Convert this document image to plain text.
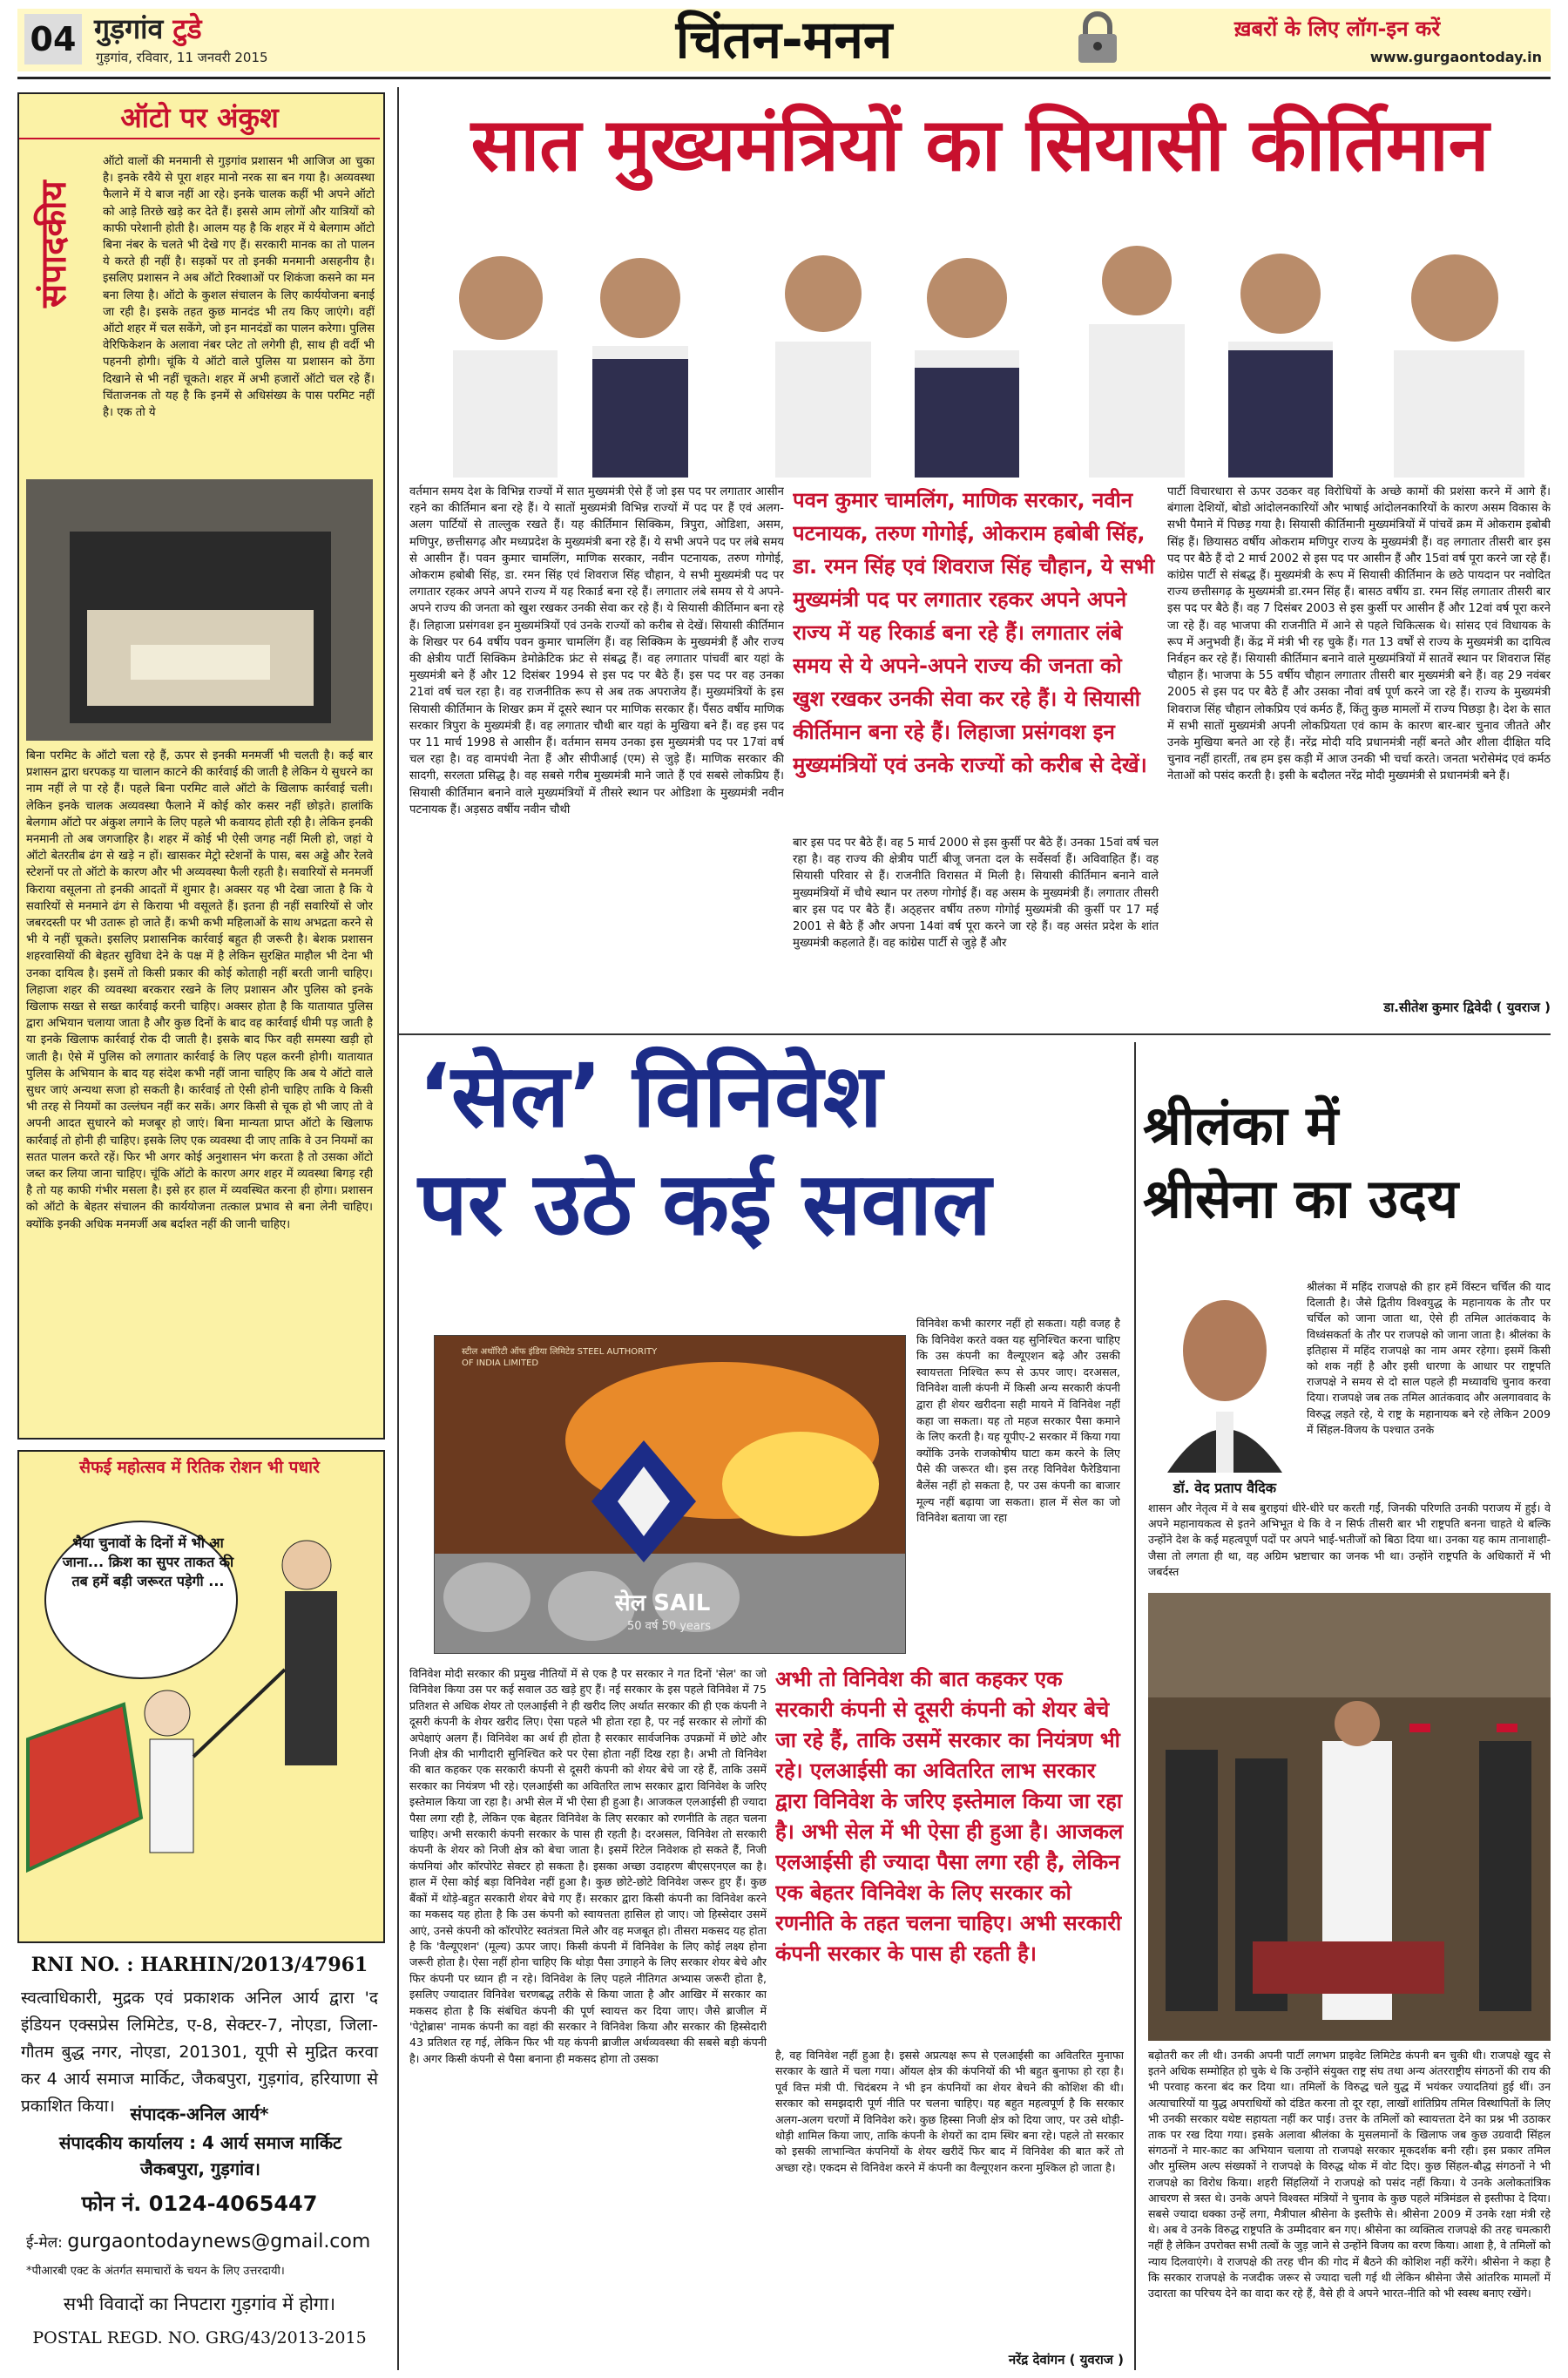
04 गुड़गांव टुडे
गुड़गांव, रविवार, 11 जनवरी 2015	चिंतन-मनन	ख़बरों के लिए लॉग-इन करें
www.gurgaontoday.in
ऑटो पर अंकुश
संपादकीय
ऑटो वालों की मनमानी से गुड़गांव प्रशासन भी आजिज आ चुका है। इनके रवैये से पूरा शहर मानो नरक सा बन गया है। अव्यवस्था फैलाने में ये बाज नहीं आ रहे। इनके चालक कहीं भी अपने ऑटो को आड़े तिरछे खड़े कर देते हैं। इससे आम लोगों और यात्रियों को काफी परेशानी होती है। आलम यह है कि शहर में ये बेलगाम ऑटो बिना नंबर के चलते भी देखे गए हैं। सरकारी मानक का तो पालन ये करते ही नहीं है। सड़कों पर तो इनकी मनमानी असहनीय है। इसलिए प्रशासन ने अब ऑटो रिक्शाओं पर शिकंजा कसने का मन बना लिया है। ऑटो के कुशल संचालन के लिए कार्ययोजना बनाई जा रही है। इसके तहत कुछ मानदंड भी तय किए जाएंगे। वहीं ऑटो शहर में चल सकेंगे, जो इन मानदंडों का पालन करेगा। पुलिस वेरिफिकेशन के अलावा नंबर प्लेट तो लगेगी ही, साथ ही वर्दी भी पहननी होगी। चूंकि ये ऑटो वाले पुलिस या प्रशासन को ठेंगा दिखाने से भी नहीं चूकते। शहर में अभी हजारों ऑटो चल रहे हैं। चिंताजनक तो यह है कि इनमें से अधिसंख्य के पास परमिट नहीं है। एक तो ये
बिना परमिट के ऑटो चला रहे हैं, ऊपर से इनकी मनमर्जी भी चलती है। कई बार प्रशासन द्वारा धरपकड़ या चालान काटने की कार्रवाई की जाती है लेकिन ये सुधरने का नाम नहीं ले पा रहे हैं। पहले बिना परमिट वाले ऑटो के खिलाफ कार्रवाई चली। लेकिन इनके चालक अव्यवस्था फैलाने में कोई कोर कसर नहीं छोड़ते। हालांकि बेलगाम ऑटो पर अंकुश लगाने के लिए पहले भी कवायद होती रही है। लेकिन इनकी मनमानी तो अब जगजाहिर है। शहर में कोई भी ऐसी जगह नहीं मिली हो, जहां ये ऑटो बेतरतीब ढंग से खड़े न हों। खासकर मेट्रो स्टेशनों के पास, बस अड्डे और रेलवे स्टेशनों पर तो ऑटो के कारण और भी अव्यवस्था फैली रहती है। सवारियों से मनमर्जी किराया वसूलना तो इनकी आदतों में शुमार है। अक्सर यह भी देखा जाता है कि ये सवारियों से मनमाने ढंग से किराया भी वसूलते हैं। इतना ही नहीं सवारियों से जोर जबरदस्ती पर भी उतारू हो जाते हैं। कभी कभी महिलाओं के साथ अभद्रता करने से भी ये नहीं चूकते। इसलिए प्रशासनिक कार्रवाई बहुत ही जरूरी है। बेशक प्रशासन शहरवासियों की बेहतर सुविधा देने के पक्ष में है लेकिन सुरक्षित माहौल भी देना भी उनका दायित्व है। इसमें तो किसी प्रकार की कोई कोताही नहीं बरती जानी चाहिए। लिहाजा शहर की व्यवस्था बरकरार रखने के लिए प्रशासन और पुलिस को इनके खिलाफ सख्त से सख्त कार्रवाई करनी चाहिए। अक्सर होता है कि यातायात पुलिस द्वारा अभियान चलाया जाता है और कुछ दिनों के बाद वह कार्रवाई धीमी पड़ जाती है या इनके खिलाफ कार्रवाई रोक दी जाती है। इसके बाद फिर वही समस्या खड़ी हो जाती है। ऐसे में पुलिस को लगातार कार्रवाई के लिए पहल करनी होगी। यातायात पुलिस के अभियान के बाद यह संदेश कभी नहीं जाना चाहिए कि अब ये ऑटो वाले सुधर जाएं अन्यथा सजा हो सकती है। कार्रवाई तो ऐसी होनी चाहिए ताकि ये किसी भी तरह से नियमों का उल्लंघन नहीं कर सकें। अगर किसी से चूक हो भी जाए तो वे अपनी आदत सुधारने को मजबूर हो जाएं। बिना मान्यता प्राप्त ऑटो के खिलाफ कार्रवाई तो होनी ही चाहिए। इसके लिए एक व्यवस्था दी जाए ताकि वे उन नियमों का सतत पालन करते रहें। फिर भी अगर कोई अनुशासन भंग करता है तो उसका ऑटो जब्त कर लिया जाना चाहिए। चूंकि ऑटो के कारण अगर शहर में व्यवस्था बिगड़ रही है तो यह काफी गंभीर मसला है। इसे हर हाल में व्यवस्थित करना ही होगा। प्रशासन को ऑटो के बेहतर संचालन की कार्ययोजना तत्काल प्रभाव से बना लेनी चाहिए। क्योंकि इनकी अधिक मनमर्जी अब बर्दाश्त नहीं की जानी चाहिए।
सैफई महोत्सव में रितिक रोशन भी पधारे
भैया चुनावों के दिनों में भी आ जाना... क्रिश का सुपर ताकत की तब हमें बड़ी जरूरत पड़ेगी ...
RNI NO. : HARHIN/2013/47961
स्वत्वाधिकारी, मुद्रक एवं प्रकाशक अनिल आर्य द्वारा 'द इंडियन एक्सप्रेस लिमिटेड, ए-8, सेक्टर-7, नोएडा, जिला-गौतम बुद्ध नगर, नोएडा, 201301, यूपी से मुद्रित करवा कर 4 आर्य समाज मार्किट, जैकबपुरा, गुड़गांव, हरियाणा से प्रकाशित किया। संपादक-अनिल आर्य*
संपादकीय कार्यालय : 4 आर्य समाज मार्किट जैकबपुरा, गुड़गांव।
फोन नं. 0124-4065447
ई-मेल: gurgaontodaynews@gmail.com
*पीआरबी एक्ट के अंतर्गत समाचारों के चयन के लिए उत्तरदायी।
सभी विवादों का निपटारा गुड़गांव में होगा।
POSTAL REGD. NO. GRG/43/2013-2015
सात मुख्यमंत्रियों का सियासी कीर्तिमान
वर्तमान समय देश के विभिन्न राज्यों में सात मुख्यमंत्री ऐसे हैं जो इस पद पर लगातार आसीन रहने का कीर्तिमान बना रहे हैं। ये सातों मुख्यमंत्री विभिन्न राज्यों में पद पर हैं एवं अलग-अलग पार्टियों से ताल्लुक रखते हैं। यह कीर्तिमान सिक्किम, त्रिपुरा, ओडिशा, असम, मणिपुर, छत्तीसगढ़ और मध्यप्रदेश के मुख्यमंत्री बना रहे हैं। ये सभी अपने पद पर लंबे समय से आसीन हैं। पवन कुमार चामलिंग, माणिक सरकार, नवीन पटनायक, तरुण गोगोई, ओकराम हबोबी सिंह, डा. रमन सिंह एवं शिवराज सिंह चौहान, ये सभी मुख्यमंत्री पद पर लगातार रहकर अपने अपने राज्य में यह रिकार्ड बना रहे हैं। लगातार लंबे समय से ये अपने-अपने राज्य की जनता को खुश रखकर उनकी सेवा कर रहे हैं। ये सियासी कीर्तिमान बना रहे हैं। लिहाजा प्रसंगवश इन मुख्यमंत्रियों एवं उनके राज्यों को करीब से देखें। सियासी कीर्तिमान के शिखर पर 64 वर्षीय पवन कुमार चामलिंग हैं। वह सिक्किम के मुख्यमंत्री हैं और राज्य की क्षेत्रीय पार्टी सिक्किम डेमोक्रेटिक फ्रंट से संबद्ध हैं। वह लगातार पांचवीं बार यहां के मुख्यमंत्री बने हैं और 12 दिसंबर 1994 से इस पद पर बैठे हैं। इस पद पर वह उनका 21वां वर्ष चल रहा है। वह राजनीतिक रूप से अब तक अपराजेय हैं। मुख्यमंत्रियों के इस सियासी कीर्तिमान के शिखर क्रम में दूसरे स्थान पर माणिक सरकार हैं। पैंसठ वर्षीय माणिक सरकार त्रिपुरा के मुख्यमंत्री हैं। वह लगातार चौथी बार यहां के मुखिया बने हैं। वह इस पद पर 11 मार्च 1998 से आसीन हैं। वर्तमान समय उनका इस मुख्यमंत्री पद पर 17वां वर्ष चल रहा है। वह वामपंथी नेता हैं और सीपीआई (एम) से जुड़े हैं। माणिक सरकार की सादगी, सरलता प्रसिद्ध है। वह सबसे गरीब मुख्यमंत्री माने जाते हैं एवं सबसे लोकप्रिय हैं। सियासी कीर्तिमान बनाने वाले मुख्यमंत्रियों में तीसरे स्थान पर ओडिशा के मुख्यमंत्री नवीन पटनायक हैं। अड़सठ वर्षीय नवीन चौथी
पवन कुमार चामलिंग, माणिक सरकार, नवीन पटनायक, तरुण गोगोई, ओकराम हबोबी सिंह, डा. रमन सिंह एवं शिवराज सिंह चौहान, ये सभी मुख्यमंत्री पद पर लगातार रहकर अपने अपने राज्य में यह रिकार्ड बना रहे हैं। लगातार लंबे समय से ये अपने-अपने राज्य की जनता को खुश रखकर उनकी सेवा कर रहे हैं। ये सियासी कीर्तिमान बना रहे हैं। लिहाजा प्रसंगवश इन मुख्यमंत्रियों एवं उनके राज्यों को करीब से देखें।
बार इस पद पर बैठे हैं। वह 5 मार्च 2000 से इस कुर्सी पर बैठे हैं। उनका 15वां वर्ष चल रहा है। वह राज्य की क्षेत्रीय पार्टी बीजू जनता दल के सर्वेसर्वा हैं। अविवाहित हैं। वह सियासी परिवार से हैं। राजनीति विरासत में मिली है। सियासी कीर्तिमान बनाने वाले मुख्यमंत्रियों में चौथे स्थान पर तरुण गोगोई हैं। वह असम के मुख्यमंत्री हैं। लगातार तीसरी बार इस पद पर बैठे हैं। अठ्हत्तर वर्षीय तरुण गोगोई मुख्यमंत्री की कुर्सी पर 17 मई 2001 से बैठे हैं और अपना 14वां वर्ष पूरा करने जा रहे हैं। वह असंत प्रदेश के शांत मुख्यमंत्री कहलाते हैं। वह कांग्रेस पार्टी से जुड़े हैं और
पार्टी विचारधारा से ऊपर उठकर वह विरोधियों के अच्छे कामों की प्रशंसा करने में आगे हैं। बंगाला देशियों, बोडो आंदोलनकारियों और भाषाई आंदोलनकारियों के कारण असम विकास के सभी पैमाने में पिछड़ गया है। सियासी कीर्तिमानी मुख्यमंत्रियों में पांचवें क्रम में ओकराम इबोबी सिंह हैं। छियासठ वर्षीय ओकराम मणिपुर राज्य के मुख्यमंत्री हैं। वह लगातार तीसरी बार इस पद पर बैठे हैं दो 2 मार्च 2002 से इस पद पर आसीन हैं और 15वां वर्ष पूरा करने जा रहे हैं। कांग्रेस पार्टी से संबद्ध हैं। मुख्यमंत्री के रूप में सियासी कीर्तिमान के छठे पायदान पर नवोदित राज्य छत्तीसगढ़ के मुख्यमंत्री डा.रमन सिंह हैं। बासठ वर्षीय डा. रमन सिंह लगातार तीसरी बार इस पद पर बैठे हैं। वह 7 दिसंबर 2003 से इस कुर्सी पर आसीन हैं और 12वां वर्ष पूरा करने जा रहे हैं। वह भाजपा की राजनीति में आने से पहले चिकित्सक थे। सांसद एवं विधायक के रूप में अनुभवी हैं। केंद्र में मंत्री भी रह चुके हैं। गत 13 वर्षों से राज्य के मुख्यमंत्री का दायित्व निर्वहन कर रहे हैं। सियासी कीर्तिमान बनाने वाले मुख्यमंत्रियों में सातवें स्थान पर शिवराज सिंह चौहान हैं। भाजपा के 55 वर्षीय चौहान लगातार तीसरी बार मुख्यमंत्री बने हैं। वह 29 नवंबर 2005 से इस पद पर बैठे हैं और उसका नौवां वर्ष पूर्ण करने जा रहे हैं। राज्य के मुख्यमंत्री शिवराज सिंह चौहान लोकप्रिय एवं कर्मठ हैं, किंतु कुछ मामलों में राज्य पिछड़ा है। देश के सात में सभी सातों मुख्यमंत्री अपनी लोकप्रियता एवं काम के कारण बार-बार चुनाव जीतते और उनके मुखिया बनते आ रहे हैं। नरेंद्र मोदी यदि प्रधानमंत्री नहीं बनते और शीला दीक्षित यदि चुनाव नहीं हारतीं, तब हम इस कड़ी में आज उनकी भी चर्चा करते। जनता भरोसेमंद एवं कर्मठ नेताओं को पसंद करती है। इसी के बदौलत नरेंद्र मोदी मुख्यमंत्री से प्रधानमंत्री बने हैं।
डा.सीतेश कुमार द्विवेदी ( युवराज )
‘सेल’ विनिवेश
पर उठे कई सवाल
स्टील अथॉरिटी ऑफ इंडिया लिमिटेड STEEL AUTHORITY OF INDIA LIMITED
सेल SAIL
50 वर्ष 50 years
विनिवेश कभी कारगर नहीं हो सकता। यही वजह है कि विनिवेश करते वक्त यह सुनिश्चित करना चाहिए कि उस कंपनी का वैल्यूएशन बढ़े और उसकी स्वायत्तता निश्चित रूप से ऊपर जाए। दरअसल, विनिवेश वाली कंपनी में किसी अन्य सरकारी कंपनी द्वारा ही शेयर खरीदना सही मायने में विनिवेश नहीं कहा जा सकता। यह तो महज सरकार पैसा कमाने के लिए करती है। यह यूपीए-2 सरकार में किया गया क्योंकि उनके राजकोषीय घाटा कम करने के लिए पैसे की जरूरत थी। इस तरह विनिवेश फैरेडियाना बैलेंस नहीं हो सकता है, पर उस कंपनी का बाजार मूल्य नहीं बढ़ाया जा सकता। हाल में सेल का जो विनिवेश बताया जा रहा
विनिवेश मोदी सरकार की प्रमुख नीतियों में से एक है पर सरकार ने गत दिनों 'सेल' का जो विनिवेश किया उस पर कई सवाल उठ खड़े हुए हैं। नई सरकार के इस पहले विनिवेश में 75 प्रतिशत से अधिक शेयर तो एलआईसी ने ही खरीद लिए अर्थात सरकार की ही एक कंपनी ने दूसरी कंपनी के शेयर खरीद लिए। ऐसा पहले भी होता रहा है, पर नई सरकार से लोगों की अपेक्षाएं अलग हैं। विनिवेश का अर्थ ही होता है सरकार सार्वजनिक उपक्रमों में छोटे और निजी क्षेत्र की भागीदारी सुनिश्चित करे पर ऐसा होता नहीं दिख रहा है। अभी तो विनिवेश की बात कहकर एक सरकारी कंपनी से दूसरी कंपनी को शेयर बेचे जा रहे हैं, ताकि उसमें सरकार का नियंत्रण भी रहे। एलआईसी का अवितरित लाभ सरकार द्वारा विनिवेश के जरिए इस्तेमाल किया जा रहा है। अभी सेल में भी ऐसा ही हुआ है। आजकल एलआईसी ही ज्यादा पैसा लगा रही है, लेकिन एक बेहतर विनिवेश के लिए सरकार को रणनीति के तहत चलना चाहिए। अभी सरकारी कंपनी सरकार के पास ही रहती है। दरअसल, विनिवेश तो सरकारी कंपनी के शेयर को निजी क्षेत्र को बेचा जाता है। इसमें रिटेल निवेशक हो सकते हैं, निजी कंपनियां और कॉरपोरेट सेक्टर हो सकता है। इसका अच्छा उदाहरण बीएसएनएल का है। हाल में ऐसा कोई बड़ा विनिवेश नहीं हुआ है। कुछ छोटे-छोटे विनिवेश जरूर हुए हैं। कुछ बैंकों में थोड़े-बहुत सरकारी शेयर बेचे गए हैं। सरकार द्वारा किसी कंपनी का विनिवेश करने का मकसद यह होता है कि उस कंपनी को स्वायत्तता हासिल हो जाए। जो हिस्सेदार उसमें आएं, उनसे कंपनी को कॉरपोरेट स्वतंत्रता मिले और वह मजबूत हो। तीसरा मकसद यह होता है कि 'वैल्यूएशन' (मूल्य) ऊपर जाए। किसी कंपनी में विनिवेश के लिए कोई लक्ष्य होना जरूरी होता है। ऐसा नहीं होना चाहिए कि थोड़ा पैसा उगाहने के लिए सरकार शेयर बेचे और फिर कंपनी पर ध्यान ही न रहे। विनिवेश के लिए पहले नीतिगत अभ्यास जरूरी होता है, इसलिए ज्यादातर विनिवेश चरणबद्ध तरीके से किया जाता है और आखिर में सरकार का मकसद होता है कि संबंधित कंपनी की पूर्ण स्वायत्त कर दिया जाए। जैसे ब्राजील में 'पेट्रोब्रास' नामक कंपनी का वहां की सरकार ने विनिवेश किया और सरकार की हिस्सेदारी 43 प्रतिशत रह गई, लेकिन फिर भी यह कंपनी ब्राजील अर्थव्यवस्था की सबसे बड़ी कंपनी है। अगर किसी कंपनी से पैसा बनाना ही मकसद होगा तो उसका
अभी तो विनिवेश की बात कहकर एक सरकारी कंपनी से दूसरी कंपनी को शेयर बेचे जा रहे हैं, ताकि उसमें सरकार का नियंत्रण भी रहे। एलआईसी का अवितरित लाभ सरकार द्वारा विनिवेश के जरिए इस्तेमाल किया जा रहा है। अभी सेल में भी ऐसा ही हुआ है। आजकल एलआईसी ही ज्यादा पैसा लगा रही है, लेकिन एक बेहतर विनिवेश के लिए सरकार को रणनीति के तहत चलना चाहिए। अभी सरकारी कंपनी सरकार के पास ही रहती है।
है, वह विनिवेश नहीं हुआ है। इससे अप्रत्यक्ष रूप से एलआईसी का अवितरित मुनाफा सरकार के खाते में चला गया। ऑयल क्षेत्र की कंपनियों की भी बहुत बुनाफा हो रहा है। पूर्व वित्त मंत्री पी. चिदंबरम ने भी इन कंपनियों का शेयर बेचने की कोशिश की थी। सरकार को समझदारी पूर्ण नीति पर चलना चाहिए। यह बहुत महत्वपूर्ण है कि सरकार अलग-अलग चरणों में विनिवेश करे। कुछ हिस्सा निजी क्षेत्र को दिया जाए, पर उसे थोड़ी-थोड़ी शामिल किया जाए, ताकि कंपनी के शेयरों का दाम स्थिर बना रहे। पहले तो सरकार को इसकी लाभान्वित कंपनियों के शेयर खरीदें फिर बाद में विनिवेश की बात करें तो अच्छा रहे। एकदम से विनिवेश करने में कंपनी का वैल्यूएशन करना मुश्किल हो जाता है।
नरेंद्र देवांगन ( युवराज )
श्रीलंका में
श्रीसेना का उदय
डॉ. वेद प्रताप वैदिक
श्रीलंका में महिंद राजपक्षे की हार हमें विंस्टन चर्चिल की याद दिलाती है। जैसे द्वितीय विश्वयुद्ध के महानायक के तौर पर चर्चिल को जाना जाता था, ऐसे ही तमिल आतंकवाद के विध्वंसकर्ता के तौर पर राजपक्षे को जाना जाता है। श्रीलंका के इतिहास में महिंद राजपक्षे का नाम अमर रहेगा। इसमें किसी को शक नहीं है और इसी धारणा के आधार पर राष्ट्रपति राजपक्षे ने समय से दो साल पहले ही मध्यावधि चुनाव करवा दिया। राजपक्षे जब तक तमिल आतंकवाद और अलगाववाद के विरुद्ध लड़ते रहे, ये राष्ट्र के महानायक बने रहे लेकिन 2009 में सिंहल-विजय के पश्चात उनके
शासन और नेतृत्व में वे सब बुराइयां धीरे-धीरे घर करती गईं, जिनकी परिणति उनकी पराजय में हुई। वे अपने महानायकत्व से इतने अभिभूत थे कि वे न सिर्फ तीसरी बार भी राष्ट्रपति बनना चाहते थे बल्कि उन्होंने देश के कई महत्वपूर्ण पदों पर अपने भाई-भतीजों को बिठा दिया था। उनका यह काम तानाशाही-जैसा तो लगता ही था, वह अग्रिम भ्रष्टाचार का जनक भी था। उन्होंने राष्ट्रपति के अधिकारों में भी जबर्दस्त
बढ़ोतरी कर ली थी। उनकी अपनी पार्टी लगभग प्राइवेट लिमिटेड कंपनी बन चुकी थी। राजपक्षे खुद से इतने अधिक सम्मोहित हो चुके थे कि उन्होंने संयुक्त राष्ट्र संघ तथा अन्य अंतरराष्ट्रीय संगठनों की राय की भी परवाह करना बंद कर दिया था। तमिलों के विरुद्ध चले युद्ध में भयंकर ज्यादतियां हुई थीं। उन अत्याचारियों या युद्ध अपराधियों को दंडित करना तो दूर रहा, लाखों शांतिप्रिय तमिल विस्थापितों के लिए भी उनकी सरकार यथेष्ट सहायता नहीं कर पाई। उत्तर के तमिलों को स्वायत्तता देने का प्रश्न भी उठाकर ताक पर रख दिया गया। इसके अलावा श्रीलंका के मुसलमानों के खिलाफ जब कुछ उग्रवादी सिंहल संगठनों ने मार-काट का अभियान चलाया तो राजपक्षे सरकार मूकदर्शक बनी रही। इस प्रकार तमिल और मुस्लिम अल्प संख्यकों ने राजपक्षे के विरुद्ध थोक में वोट दिए। कुछ सिंहल-बौद्ध संगठनों ने भी राजपक्षे का विरोध किया। शहरी सिंहलियों ने राजपक्षे को पसंद नहीं किया। ये उनके अलोकतांत्रिक आचरण से त्रस्त थे। उनके अपने विश्वस्त मंत्रियों ने चुनाव के कुछ पहले मंत्रिमंडल से इस्तीफा दे दिया। सबसे ज्यादा धक्का उन्हें लगा, मैत्रीपाल श्रीसेना के इस्तीफे से। श्रीसेना 2009 में उनके रक्षा मंत्री रहे थे। अब वे उनके विरुद्ध राष्ट्रपति के उम्मीदवार बन गए। श्रीसेना का व्यक्तित्व राजपक्षे की तरह चमत्कारी नहीं है लेकिन उपरोक्त सभी तत्वों के जुड़ जाने से उन्होंने विजय का वरण किया। आशा है, वे तमिलों को न्याय दिलवाएंगे। वे राजपक्षे की तरह चीन की गोद में बैठने की कोशिश नहीं करेंगे। श्रीसेना ने कहा है कि सरकार राजपक्षे के नजदीक जरूर से ज्यादा चली गई थी लेकिन श्रीसेना जैसे आंतरिक मामलों में उदारता का परिचय देने का वादा कर रहे हैं, वैसे ही वे अपने भारत-नीति को भी स्वस्थ बनाए रखेंगे।
